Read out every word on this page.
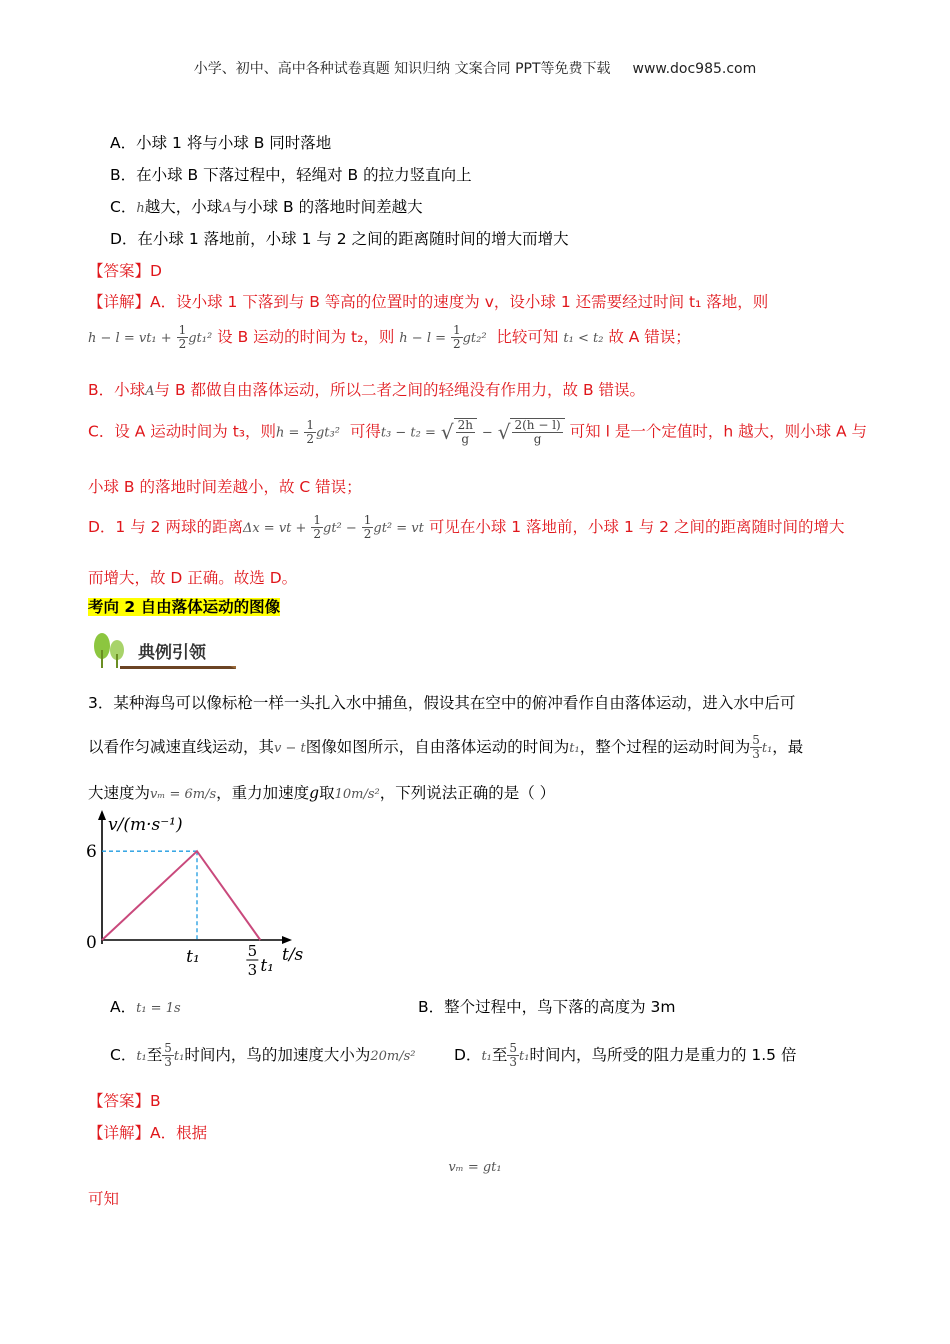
小学、初中、高中各种试卷真题 知识归纳 文案合同 PPT等免费下载 www.doc985.com
A．小球 1 将与小球 B 同时落地
B．在小球 B 下落过程中，轻绳对 B 的拉力竖直向上
C．h越大，小球A与小球 B 的落地时间差越大
D．在小球 1 落地前，小球 1 与 2 之间的距离随时间的增大而增大
【答案】D
【详解】A．设小球 1 下落到与 B 等高的位置时的速度为 v，设小球 1 还需要经过时间 t₁ 落地，则
$h - l = vt_1 + \frac{1}{2} gt_1^2$ 设 B 运动的时间为 t₂，则 $h - l = \frac{1}{2} gt_2^2$ 比较可知 t₁ < t₂ 故 A 错误；
B．小球A与 B 都做自由落体运动，所以二者之间的轻绳没有作用力，故 B 错误。
C．设 A 运动时间为 t₃，则$h = \frac{1}{2} gt_3^2$ 可得t₃ − t₂ = √ $\frac{2h}{g}$ − √ $\frac{2(h - l)}{g}$ 可知 l 是一个定值时，h 越大，则小球 A 与
小球 B 的落地时间差越小，故 C 错误；
D．1 与 2 两球的距离Δx = vt + $\frac{1}{2} gt^2 - \frac{1}{2} gt^2$ = vt 可见在小球 1 落地前，小球 1 与 2 之间的距离随时间的增大
而增大，故 D 正确。故选 D。
考向 2 自由落体运动的图像
典例引领
3．某种海鸟可以像标枪一样一头扎入水中捕鱼，假设其在空中的俯冲看作自由落体运动，进入水中后可
以看作匀减速直线运动，其v − t图像如图所示，自由落体运动的时间为t₁，整个过程的运动时间为 $\frac{5}{3} t_1$，最
大速度为vₘ = 6m/s，重力加速度g取10m/s²，下列说法正确的是（ ）
v/(m·s⁻¹)
t/s
0
6
t₁	5
3 t₁
A．t₁ = 1s	B．整个过程中，鸟下落的高度为 3m
C．t₁至 $\frac{5}{3} t_1$时间内，鸟的加速度大小为20m/s² D．t₁至 $\frac{5}{3} t_1$时间内，鸟所受的阻力是重力的 1.5 倍
【答案】B
【详解】A．根据
vₘ = gt₁
可知
